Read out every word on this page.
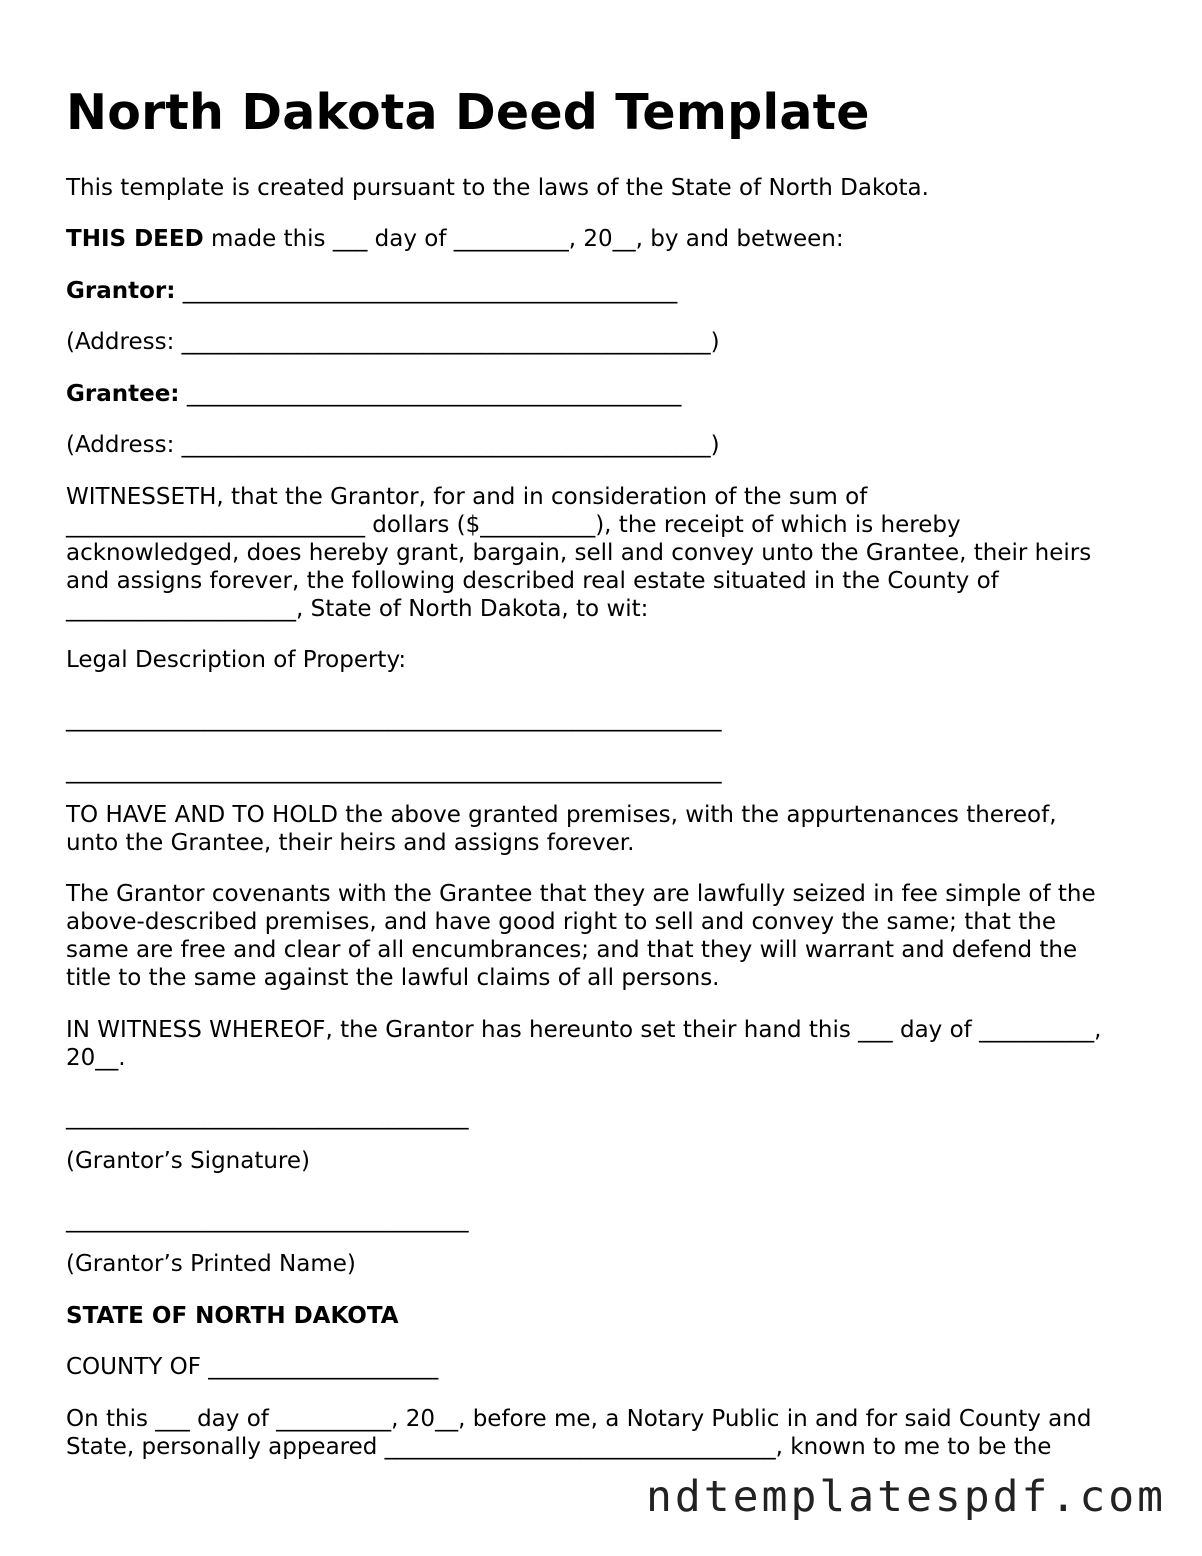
North Dakota Deed Template

This template is created pursuant to the laws of the State of North Dakota.

THIS DEED made this ___ day of __________, 20__, by and between:

Grantor: ___________________________________________

(Address: ______________________________________________)

Grantee: ___________________________________________

(Address: ______________________________________________)

WITNESSETH, that the Grantor, for and in consideration of the sum of

__________________________ dollars ($__________), the receipt of which is hereby

acknowledged, does hereby grant, bargain, sell and convey unto the Grantee, their heirs

and assigns forever, the following described real estate situated in the County of

____________________, State of North Dakota, to wit:

Legal Description of Property:

_________________________________________________________

_________________________________________________________

TO HAVE AND TO HOLD the above granted premises, with the appurtenances thereof,

unto the Grantee, their heirs and assigns forever.

The Grantor covenants with the Grantee that they are lawfully seized in fee simple of the

above-described premises, and have good right to sell and convey the same; that the

same are free and clear of all encumbrances; and that they will warrant and defend the

title to the same against the lawful claims of all persons.

IN WITNESS WHEREOF, the Grantor has hereunto set their hand this ___ day of __________,

20__.

___________________________________

(Grantor’s Signature)

___________________________________

(Grantor’s Printed Name)

STATE OF NORTH DAKOTA

COUNTY OF ____________________

On this ___ day of __________, 20__, before me, a Notary Public in and for said County and

State, personally appeared __________________________________, known to me to be the

ndtemplatespdf.com
